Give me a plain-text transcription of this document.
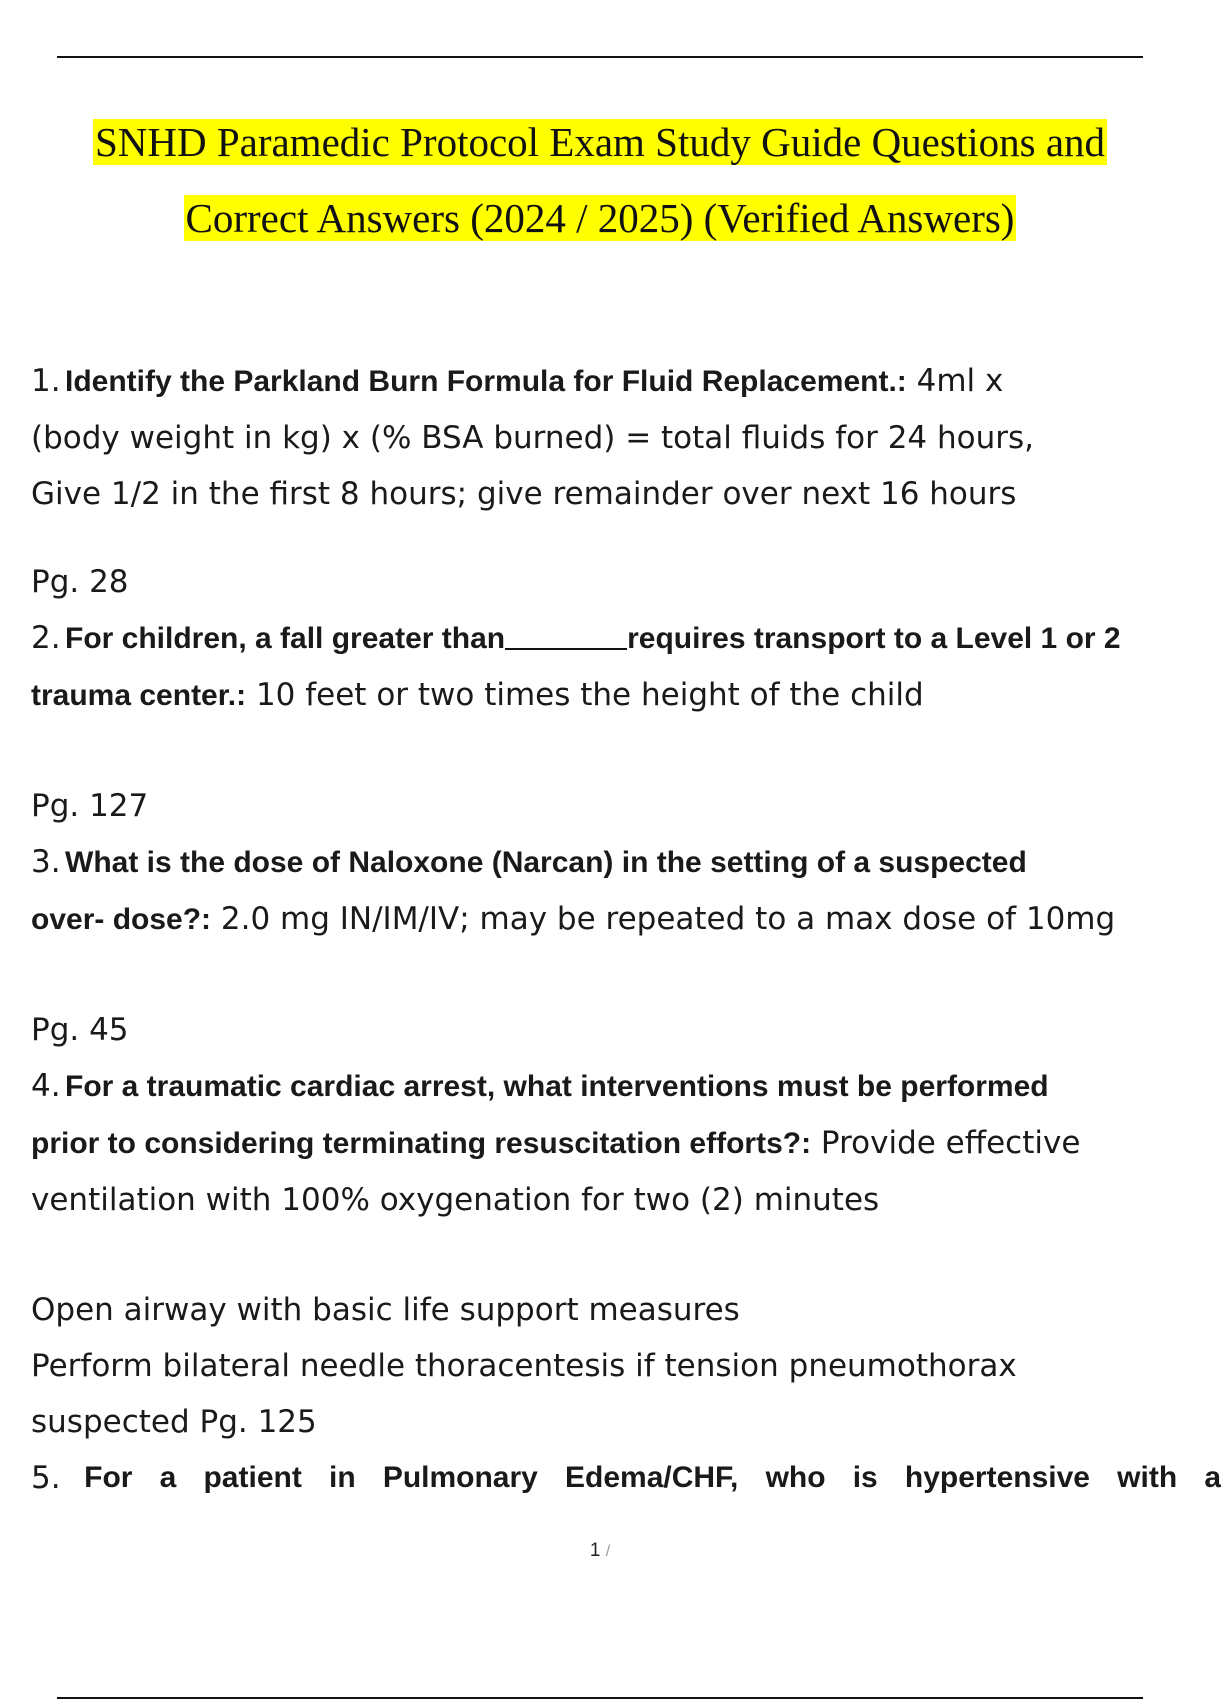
SNHD Paramedic Protocol Exam Study Guide Questions and
Correct Answers (2024 / 2025) (Verified Answers)

1. Identify the Parkland Burn Formula for Fluid Replacement.: 4ml x

(body weight in kg) x (% BSA burned) = total fluids for 24 hours,

Give 1/2 in the first 8 hours; give remainder over next 16 hours

Pg. 28

2. For children, a fall greater than	requires transport to a Level 1 or 2

trauma center.: 10 feet or two times the height of the child

Pg. 127

3. What is the dose of Naloxone (Narcan) in the setting of a suspected

over- dose?: 2.0 mg IN/IM/IV; may be repeated to a max dose of 10mg

Pg. 45

4. For a traumatic cardiac arrest, what interventions must be performed

prior to considering terminating resuscitation efforts?: Provide effective

ventilation with 100% oxygenation for two (2) minutes

Open airway with basic life support measures

Perform bilateral needle thoracentesis if tension pneumothorax

suspected Pg. 125

5. For a patient in Pulmonary Edema/CHF, who is hypertensive with a
1 /
